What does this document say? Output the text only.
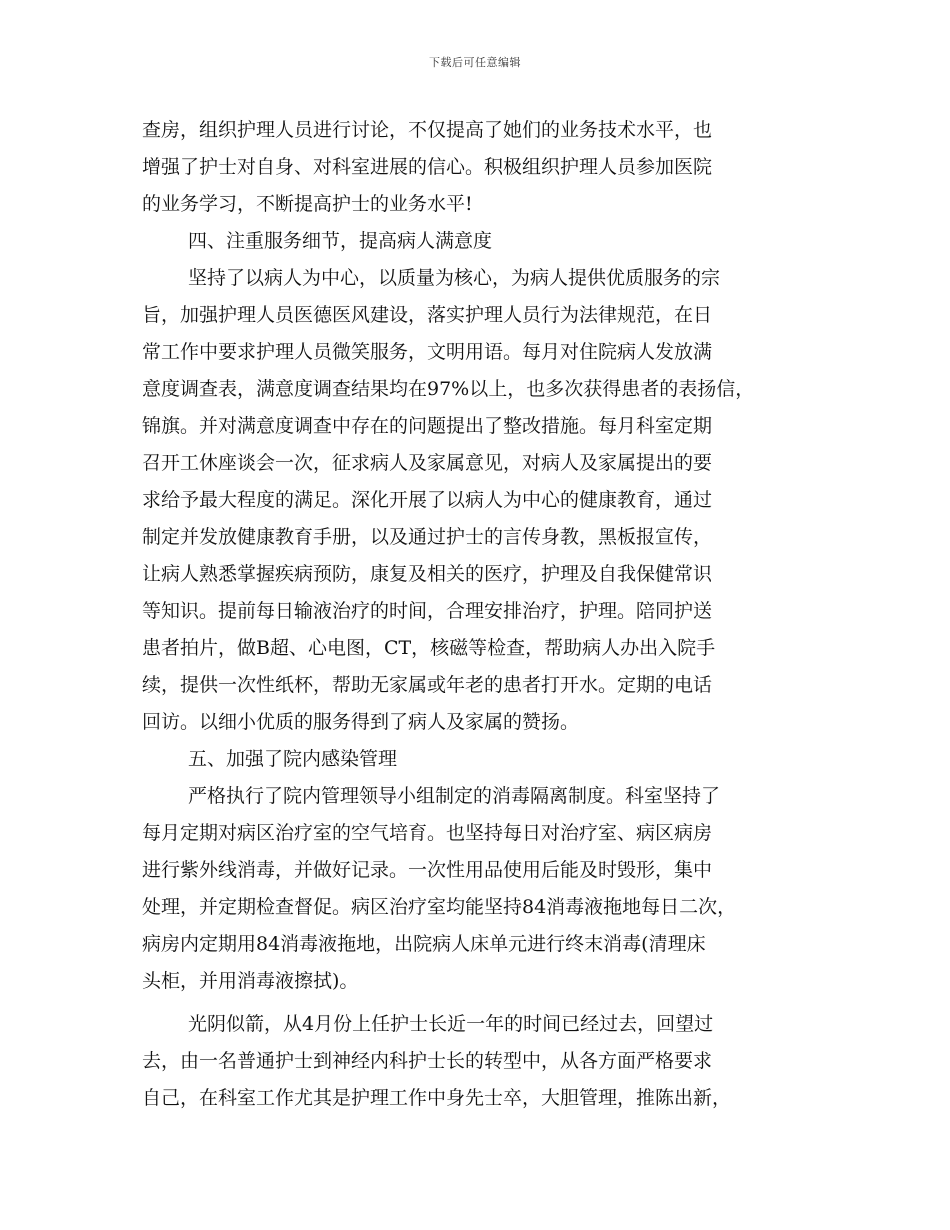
下载后可任意编辑
查房，组织护理人员进行讨论，不仅提高了她们的业务技术水平，也
增强了护士对自身、对科室进展的信心。积极组织护理人员参加医院
的业务学习，不断提高护士的业务水平!
四、注重服务细节，提高病人满意度
坚持了以病人为中心，以质量为核心，为病人提供优质服务的宗
旨，加强护理人员医德医风建设，落实护理人员行为法律规范，在日
常工作中要求护理人员微笑服务，文明用语。每月对住院病人发放满
意度调查表，满意度调查结果均在97%以上，也多次获得患者的表扬信，
锦旗。并对满意度调查中存在的问题提出了整改措施。每月科室定期
召开工休座谈会一次，征求病人及家属意见，对病人及家属提出的要
求给予最大程度的满足。深化开展了以病人为中心的健康教育，通过
制定并发放健康教育手册，以及通过护士的言传身教，黑板报宣传，
让病人熟悉掌握疾病预防，康复及相关的医疗，护理及自我保健常识
等知识。提前每日输液治疗的时间，合理安排治疗，护理。陪同护送
患者拍片，做B超、心电图，CT，核磁等检查，帮助病人办出入院手
续，提供一次性纸杯，帮助无家属或年老的患者打开水。定期的电话
回访。以细小优质的服务得到了病人及家属的赞扬。
五、加强了院内感染管理
严格执行了院内管理领导小组制定的消毒隔离制度。科室坚持了
每月定期对病区治疗室的空气培育。也坚持每日对治疗室、病区病房
进行紫外线消毒，并做好记录。一次性用品使用后能及时毁形，集中
处理，并定期检查督促。病区治疗室均能坚持84消毒液拖地每日二次，
病房内定期用84消毒液拖地，出院病人床单元进行终末消毒(清理床
头柜，并用消毒液擦拭)。
光阴似箭，从4月份上任护士长近一年的时间已经过去，回望过
去，由一名普通护士到神经内科护士长的转型中，从各方面严格要求
自己，在科室工作尤其是护理工作中身先士卒，大胆管理，推陈出新，
